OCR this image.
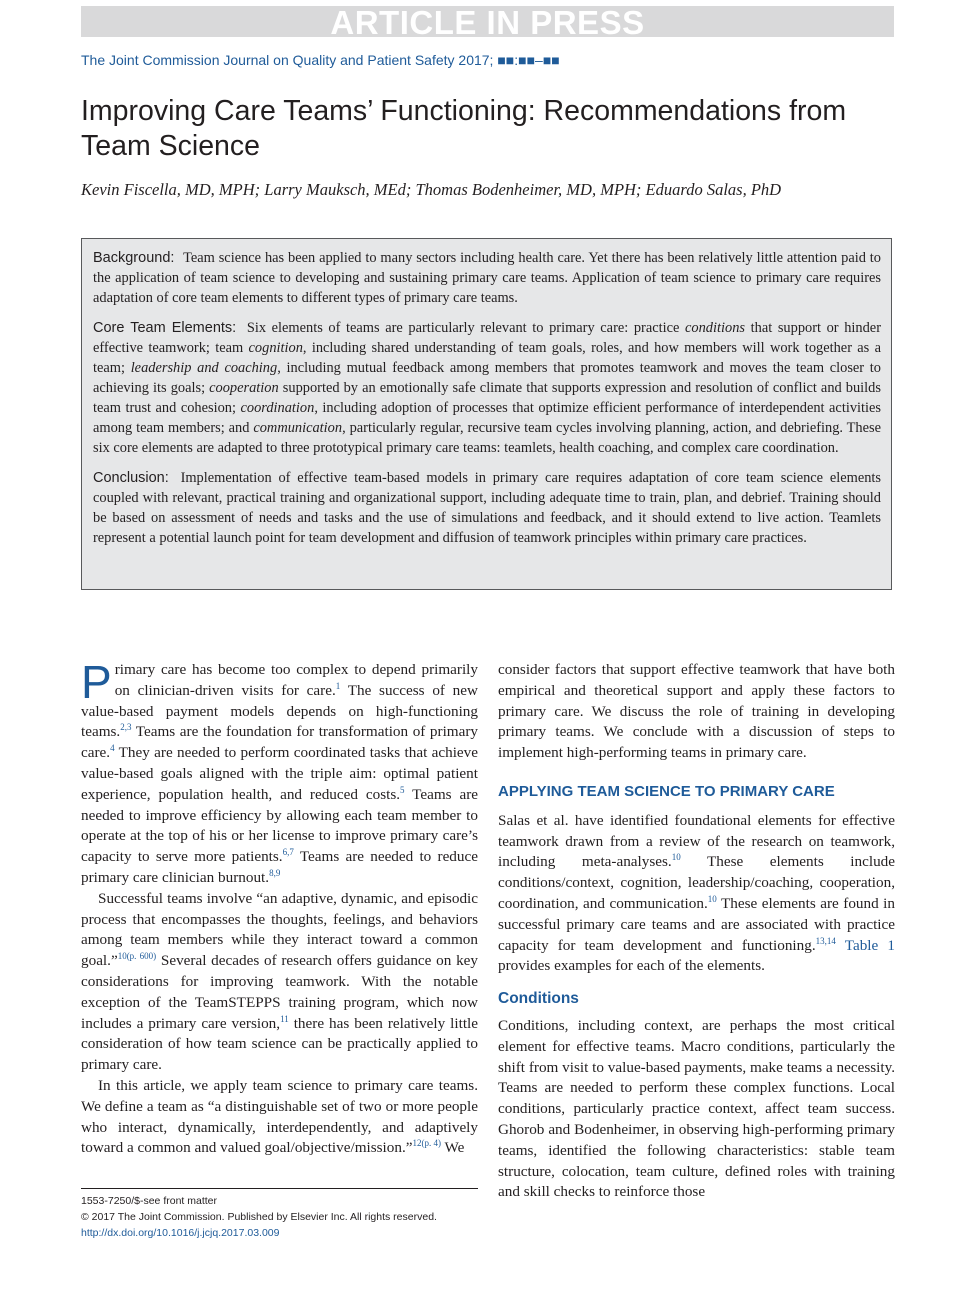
ARTICLE IN PRESS
The Joint Commission Journal on Quality and Patient Safety 2017; ■■:■■–■■
Improving Care Teams’ Functioning: Recommendations from Team Science
Kevin Fiscella, MD, MPH; Larry Mauksch, MEd; Thomas Bodenheimer, MD, MPH; Eduardo Salas, PhD

Background: Team science has been applied to many sectors including health care. Yet there has been relatively little attention paid to the application of team science to developing and sustaining primary care teams. Application of team science to primary care requires adaptation of core team elements to different types of primary care teams.

Core Team Elements: Six elements of teams are particularly relevant to primary care: practice conditions that support or hinder effective teamwork; team cognition, including shared understanding of team goals, roles, and how members will work together as a team; leadership and coaching, including mutual feedback among members that promotes teamwork and moves the team closer to achieving its goals; cooperation supported by an emotionally safe climate that supports expression and resolution of conflict and builds team trust and cohesion; coordination, including adoption of processes that optimize efficient performance of interdependent activities among team members; and communication, particularly regular, recursive team cycles involving planning, action, and debriefing. These six core elements are adapted to three prototypical primary care teams: teamlets, health coaching, and complex care coordination.

Conclusion: Implementation of effective team-based models in primary care requires adaptation of core team science elements coupled with relevant, practical training and organizational support, including adequate time to train, plan, and debrief. Training should be based on assessment of needs and tasks and the use of simulations and feedback, and it should extend to live action. Teamlets represent a potential launch point for team development and diffusion of teamwork principles within primary care practices.

Primary care has become too complex to depend primarily on clinician-driven visits for care.$^1$ The success of new value-based payment models depends on high-functioning teams.$^{2,3}$ Teams are the foundation for transformation of primary care.$^4$ They are needed to perform coordinated tasks that achieve value-based goals aligned with the triple aim: optimal patient experience, population health, and reduced costs.$^5$ Teams are needed to improve efficiency by allowing each team member to operate at the top of his or her license to improve primary care’s capacity to serve more patients.$^{6,7}$ Teams are needed to reduce primary care clinician burnout.$^{8,9}$

Successful teams involve “an adaptive, dynamic, and episodic process that encompasses the thoughts, feelings, and behaviors among team members while they interact toward a common goal.”$^{10(p. 600)}$ Several decades of research offers guidance on key considerations for improving teamwork. With the notable exception of the TeamSTEPPS training program, which now includes a primary care version,$^{11}$ there has been relatively little consideration of how team science can be practically applied to primary care.

In this article, we apply team science to primary care teams. We define a team as “a distinguishable set of two or more people who interact, dynamically, interdependently, and adaptively toward a common and valued goal/objective/mission.”$^{12(p. 4)}$ We

consider factors that support effective teamwork that have both empirical and theoretical support and apply these factors to primary care. We discuss the role of training in developing primary teams. We conclude with a discussion of steps to implement high-performing teams in primary care.

APPLYING TEAM SCIENCE TO PRIMARY CARE

Salas et al. have identified foundational elements for effective teamwork drawn from a review of the research on teamwork, including meta-analyses.$^{10}$ These elements include conditions/context, cognition, leadership/coaching, cooperation, coordination, and communication.$^{10}$ These elements are found in successful primary care teams and are associated with practice capacity for team development and functioning.$^{13,14}$ Table 1 provides examples for each of the elements.

Conditions

Conditions, including context, are perhaps the most critical element for effective teams. Macro conditions, particularly the shift from visit to value-based payments, make teams a necessity. Teams are needed to perform these complex functions. Local conditions, particularly practice context, affect team success. Ghorob and Bodenheimer, in observing high-performing primary teams, identified the following characteristics: stable team structure, colocation, team culture, defined roles with training and skill checks to reinforce those

1553-7250/$-see front matter
© 2017 The Joint Commission. Published by Elsevier Inc. All rights reserved.
http://dx.doi.org/10.1016/j.jcjq.2017.03.009
